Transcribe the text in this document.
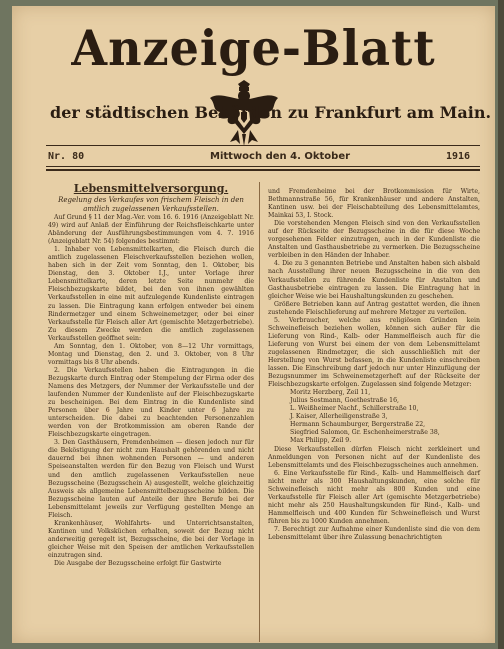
Anzeige-Blatt
der städtischen Behörden zu Frankfurt am Main.
Nr. 80	Mittwoch den 4. Oktober	1916

Lebensmittelversorgung.

Regelung des Verkaufes von frischem Fleisch in den amtlich zugelassenen Verkaufsstellen.

Auf Grund § 11 der Mag.-Ver. vom 16. 6. 1916 (Anzeigeblatt Nr. 49) wird auf Anlaß der Einführung der Reichsfleischkarte unter Abänderung der Ausführungsbestimmungen vom 4. 7. 1916 (Anzeigeblatt Nr. 54) folgendes bestimmt:

1. Inhaber von Lebensmittelkarten, die Fleisch durch die amtlich zugelassenen Fleischverkaufsstellen beziehen wollen, haben sich in der Zeit vom Sonntag, den 1. Oktober, bis Dienstag, den 3. Oktober I.J., unter Vorlage ihrer Lebensmittelkarte, deren letzte Seite nunmehr die Fleischbezugskarte bildet, bei den von ihnen gewählten Verkaufsstellen in eine mit aufzulegende Kundenliste eintragen zu lassen. Die Eintragung kann erfolgen entweder bei einem Rindermetzger und einem Schweinemetzger, oder bei einer Verkaufsstelle für Fleisch aller Art (gemischte Metzgerbetriebe). Zu diesem Zwecke werden die amtlich zugelassenen Verkaufsstellen geöffnet sein:

Am Sonntag, den 1. Oktober, von 8—12 Uhr vormittags, Montag und Dienstag, den 2. und 3. Oktober, von 8 Uhr vormittags bis 8 Uhr abends.

2. Die Verkaufsstellen haben die Eintragungen in die Bezugskarte durch Eintrag oder Stempelung der Firma oder des Namens des Metzgers, der Nummer der Verkaufsstelle und der laufenden Nummer der Kundenliste auf der Fleischbezugskarte zu bescheinigen. Bei dem Eintrag in die Kundenliste sind Personen über 6 Jahre und Kinder unter 6 Jahre zu unterscheiden. Die dabei zu beachtenden Personenzahlen werden von der Brotkommission am oberen Rande der Fleischbezugskarte eingetragen.

3. Den Gasthäusern, Fremdenheimen — diesen jedoch nur für die Beköstigung der nicht zum Haushalt gehörenden und nicht dauernd bei ihnen wohnenden Personen — und anderen Speiseanstalten werden für den Bezug von Fleisch und Wurst und den amtlich zugelassenen Verkaufsstellen neue Bezugsscheine (Bezugsschein A) ausgestellt, welche gleichzeitig Ausweis als allgemeine Lebensmittelbezugsscheine bilden. Die Bezugsscheine lauten auf Anteile der ihre Berufe bei der Lebensmittelamt jeweils zur Verfügung gestellten Menge an Fleisch.

Krankenhäuser, Wohlfahrts- und Unterrichtsanstalten, Kantinen und Volksküchen erhalten, soweit der Bezug nicht anderweitig geregelt ist, Bezugsscheine, die bei der Vorlage in gleicher Weise mit den Speisen der amtlichen Verkaufsstellen einzutragen sind.

Die Ausgabe der Bezugsscheine erfolgt für Gastwirte

und Fremdenheime bei der Brotkommission für Wirte, Bethmannstraße 56, für Krankenhäuser und andere Anstalten, Kantinen usw. bei der Fleischabteilung des Lebensmittelamtes, Mainkai 53, I. Stock.

Die vorstehenden Mengen Fleisch sind von den Verkaufsstellen auf der Rückseite der Bezugsscheine in die für diese Woche vorgesehenen Felder einzutragen, auch in der Kundenliste die Anstalten und Gasthausbetriebe zu vermerken. Die Bezugsscheine verbleiben in den Händen der Inhaber.

4. Die zu 3 genannten Betriebe und Anstalten haben sich alsbald nach Ausstellung ihrer neuen Bezugsscheine in die von den Verkaufsstellen zu führende Kundenliste für Anstalten und Gasthausbetriebe eintragen zu lassen. Die Eintragung hat in gleicher Weise wie bei Haushaltungskunden zu geschehen.

Größere Betrieben kann auf Antrag gestattet werden, die ihnen zustehende Fleischlieferung auf mehrere Metzger zu verteilen.

5. Verbraucher, welche aus religiösen Gründen kein Schweinefleisch beziehen wollen, können sich außer für die Lieferung von Rind-, Kalb- oder Hammelfleisch auch für die Lieferung von Wurst bei einem der von dem Lebensmittelamt zugelassenen Rindmetzger, die sich ausschließlich mit der Herstellung von Wurst befassen, in die Kundenliste einschreiben lassen. Die Einschreibung darf jedoch nur unter Hinzufügung der Bezugsnummer im Schweinemetzgerheft auf der Rückseite der Fleischbezugskarte erfolgen. Zugelassen sind folgende Metzger:

Moritz Herzberg, Zeil 11,

Julius Sostmann, Goethestraße 16,

L. Weißheimer Nachf., Schillerstraße 10,

J. Kaiser, Allerheiligenstraße 3,

Hermann Schaumburger, Bergerstraße 22,

Siegfried Salomon, Gr. Eschenheimerstraße 38,

Max Philipp, Zeil 9.

Diese Verkaufsstellen dürfen Fleisch nicht zerkleinert und Anmeldungen von Personen nicht auf der Kundenliste des Lebensmittelamts und des Fleischbezugsscheines auch annehmen.

6. Eine Verkaufsstelle für Rind-, Kalb- und Hammelfleisch darf nicht mehr als 300 Haushaltungskunden, eine solche für Schweinefleisch nicht mehr als 800 Kunden und eine Verkaufsstelle für Fleisch aller Art (gemischte Metzgerbetriebe) nicht mehr als 250 Haushaltungskunden für Rind-, Kalb- und Hammelfleisch und 400 Kunden für Schweinefleisch und Wurst führen bis zu 1000 Kunden annehmen.

7. Berechtigt zur Aufnahme einer Kundenliste sind die von dem Lebensmittelamt über ihre Zulassung benachrichtigten
